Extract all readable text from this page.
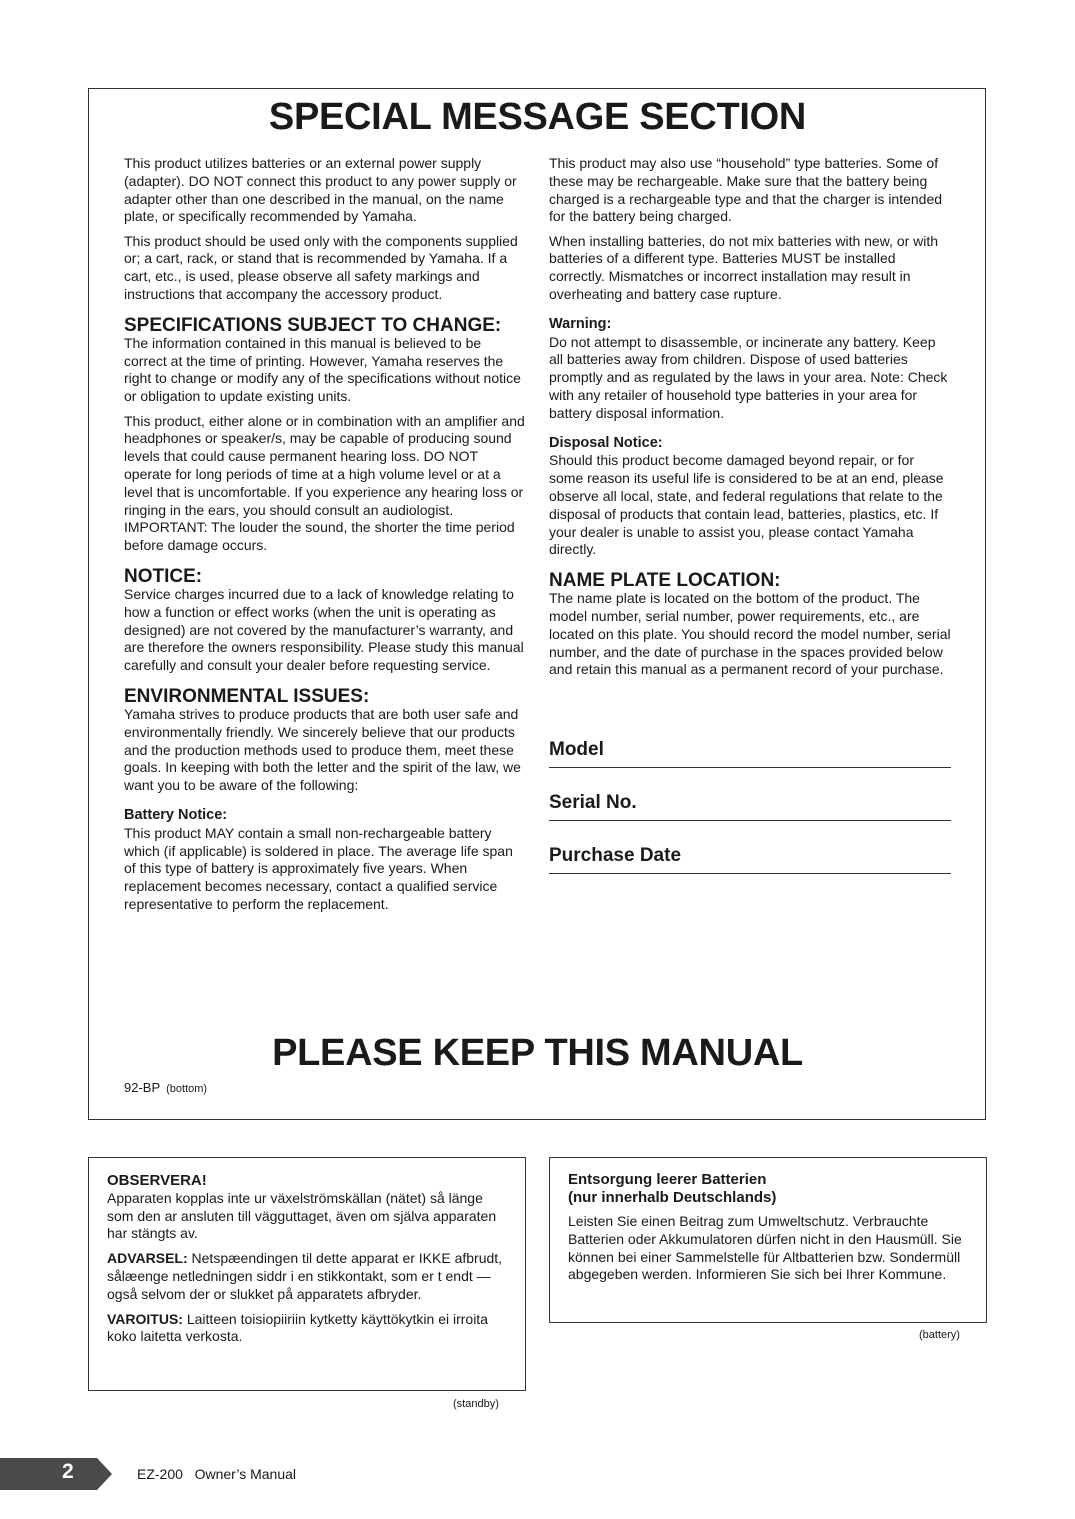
SPECIAL MESSAGE SECTION

This product utilizes batteries or an external power supply (adapter). DO NOT connect this product to any power supply or adapter other than one described in the manual, on the name plate, or specifically recommended by Yamaha.

This product should be used only with the components supplied or; a cart, rack, or stand that is recommended by Yamaha. If a cart, etc., is used, please observe all safety markings and instructions that accompany the accessory product.

SPECIFICATIONS SUBJECT TO CHANGE:

The information contained in this manual is believed to be correct at the time of printing. However, Yamaha reserves the right to change or modify any of the specifications without notice or obligation to update existing units.

This product, either alone or in combination with an amplifier and headphones or speaker/s, may be capable of producing sound levels that could cause permanent hearing loss. DO NOT operate for long periods of time at a high volume level or at a level that is uncomfortable. If you experience any hearing loss or ringing in the ears, you should consult an audiologist.

IMPORTANT: The louder the sound, the shorter the time period before damage occurs.

NOTICE:

Service charges incurred due to a lack of knowledge relating to how a function or effect works (when the unit is operating as designed) are not covered by the manufacturer’s warranty, and are therefore the owners responsibility. Please study this manual carefully and consult your dealer before requesting service.

ENVIRONMENTAL ISSUES:

Yamaha strives to produce products that are both user safe and environmentally friendly. We sincerely believe that our products and the production methods used to produce them, meet these goals. In keeping with both the letter and the spirit of the law, we want you to be aware of the following:

Battery Notice:

This product MAY contain a small non-rechargeable battery which (if applicable) is soldered in place. The average life span of this type of battery is approximately five years. When replacement becomes necessary, contact a qualified service representative to perform the replacement.

This product may also use “household” type batteries. Some of these may be rechargeable. Make sure that the battery being charged is a rechargeable type and that the charger is intended for the battery being charged.

When installing batteries, do not mix batteries with new, or with batteries of a different type. Batteries MUST be installed correctly. Mismatches or incorrect installation may result in overheating and battery case rupture.

Warning:

Do not attempt to disassemble, or incinerate any battery. Keep all batteries away from children. Dispose of used batteries promptly and as regulated by the laws in your area. Note: Check with any retailer of household type batteries in your area for battery disposal information.

Disposal Notice:

Should this product become damaged beyond repair, or for some reason its useful life is considered to be at an end, please observe all local, state, and federal regulations that relate to the disposal of products that contain lead, batteries, plastics, etc. If your dealer is unable to assist you, please contact Yamaha directly.

NAME PLATE LOCATION:

The name plate is located on the bottom of the product. The model number, serial number, power requirements, etc., are located on this plate. You should record the model number, serial number, and the date of purchase in the spaces provided below and retain this manual as a permanent record of your purchase.

Model
Serial No.
Purchase Date
PLEASE KEEP THIS MANUAL
92-BP (bottom)
OBSERVERA!

Apparaten kopplas inte ur växelströmskällan (nätet) så länge som den ar ansluten till vägguttaget, även om själva apparaten har stängts av.

ADVARSEL: Netspæendingen til dette apparat er IKKE afbrudt, sålæenge netledningen siddr i en stikkontakt, som er t endt — også selvom der or slukket på apparatets afbryder.

VAROITUS: Laitteen toisiopiiriin kytketty käyttökytkin ei irroita koko laitetta verkosta.

(standby)
Entsorgung leerer Batterien
(nur innerhalb Deutschlands)

Leisten Sie einen Beitrag zum Umweltschutz. Verbrauchte Batterien oder Akkumulatoren dürfen nicht in den Hausmüll. Sie können bei einer Sammelstelle für Altbatterien bzw. Sondermüll abgegeben werden. Informieren Sie sich bei Ihrer Kommune.

(battery)
2	EZ-200   Owner’s Manual
